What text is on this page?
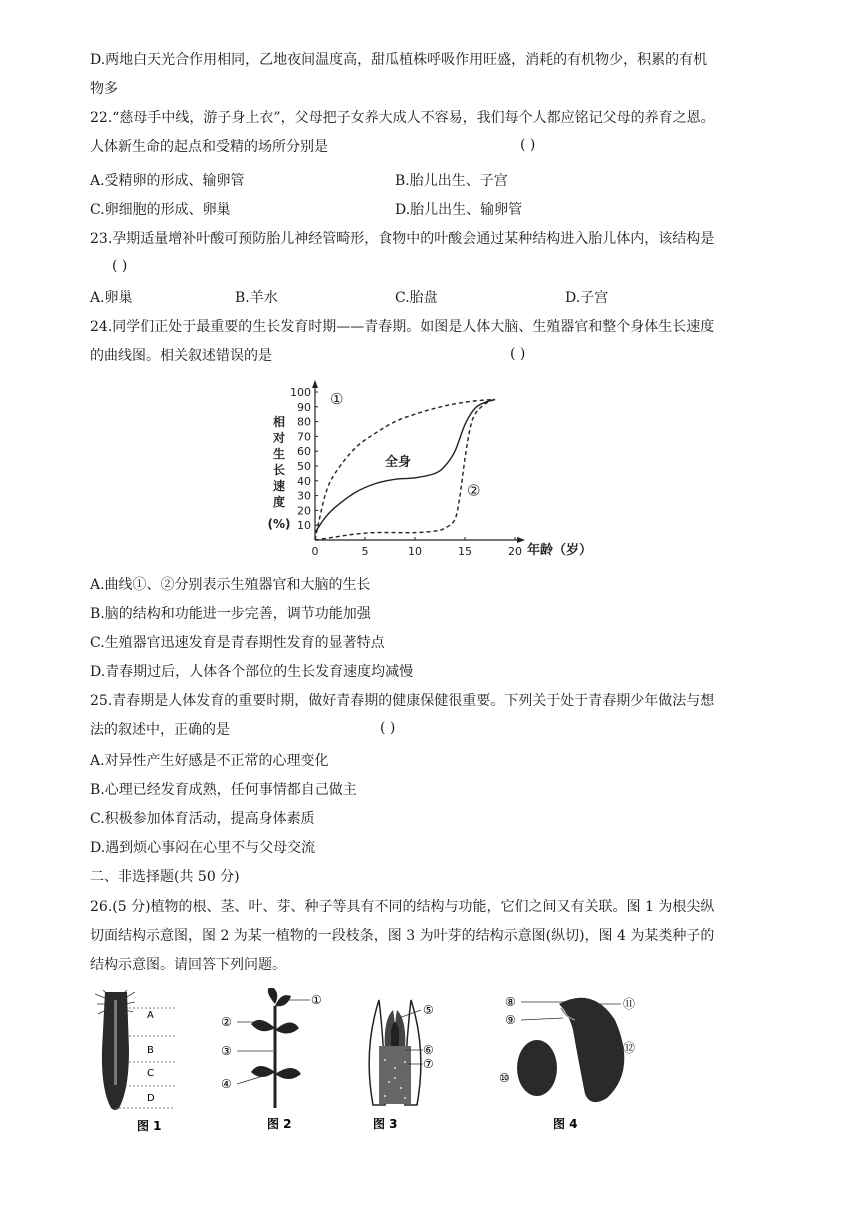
D.两地白天光合作用相同，乙地夜间温度高，甜瓜植株呼吸作用旺盛，消耗的有机物少，积累的有机
物多
22.“慈母手中线，游子身上衣”，父母把子女养大成人不容易，我们每个人都应铭记父母的养育之恩。
人体新生命的起点和受精的场所分别是	( )
A.受精卵的形成、输卵管	B.胎儿出生、子宫
C.卵细胞的形成、卵巢	D.胎儿出生、输卵管
23.孕期适量增补叶酸可预防胎儿神经管畸形，食物中的叶酸会通过某种结构进入胎儿体内，该结构是
( )
A.卵巢	B.羊水	C.胎盘	D.子宫
24.同学们正处于最重要的生长发育时期——青春期。如图是人体大脑、生殖器官和整个身体生长速度
的曲线图。相关叙述错误的是	( )
相
对
生
长
速
度
(%) 10
20
30
40
50
60
70
80
90
100
0	5	10	15	20 年龄（岁）
①
全身
②
A.曲线①、②分别表示生殖器官和大脑的生长
B.脑的结构和功能进一步完善，调节功能加强
C.生殖器官迅速发育是青春期性发育的显著特点
D.青春期过后，人体各个部位的生长发育速度均减慢
25.青春期是人体发育的重要时期，做好青春期的健康保健很重要。下列关于处于青春期少年做法与想
法的叙述中，正确的是	( )
A.对异性产生好感是不正常的心理变化
B.心理已经发育成熟，任何事情都自己做主
C.积极参加体育活动，提高身体素质
D.遇到烦心事闷在心里不与父母交流
二、非选择题(共 50 分)
26.(5 分)植物的根、茎、叶、芽、种子等具有不同的结构与功能，它们之间又有关联。图 1 为根尖纵
切面结构示意图，图 2 为某一植物的一段枝条，图 3 为叶芽的结构示意图(纵切)，图 4 为某类种子的
结构示意图。请回答下列问题。
A
B
C
D
图 1
①
②
③
④
图 2
⑤
⑥
⑦
图 3
⑧
⑨
⑩
⑪
⑫
图 4
